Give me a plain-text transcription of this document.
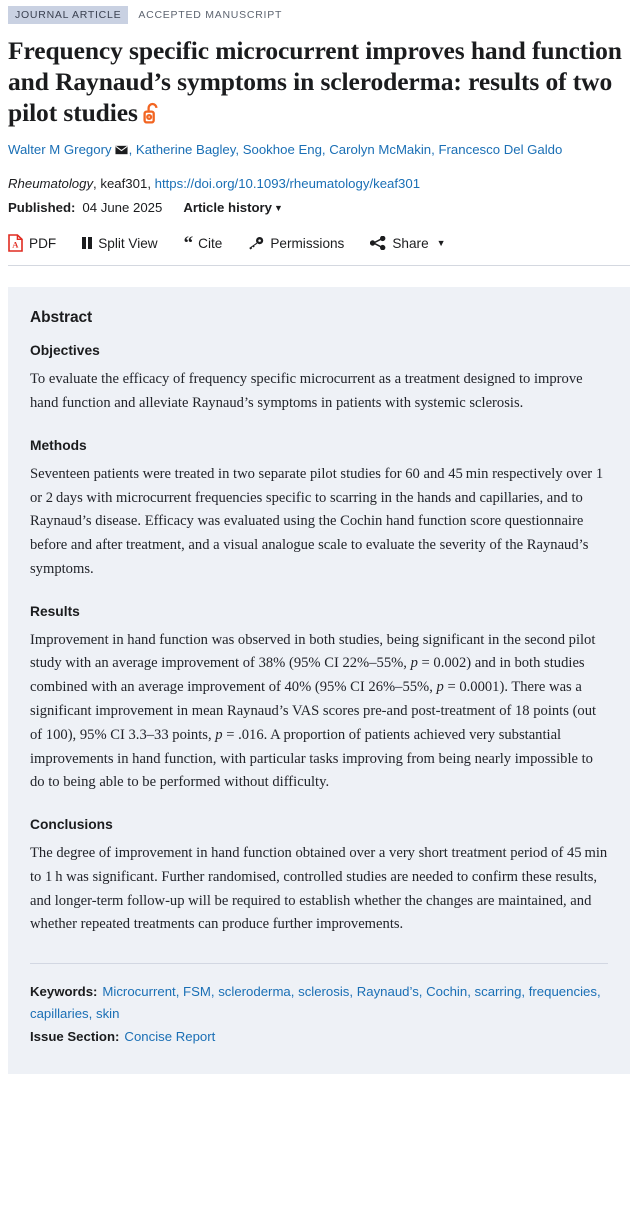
JOURNAL ARTICLE	ACCEPTED MANUSCRIPT
Frequency specific microcurrent improves hand function and Raynaud’s symptoms in scleroderma: results of two pilot studies
Walter M Gregory , Katherine Bagley, Sookhoe Eng, Carolyn McMakin, Francesco Del Galdo
Rheumatology, keaf301, https://doi.org/10.1093/rheumatology/keaf301
Published: 04 June 2025 Article history ▼
A PDF	Split View “ Cite	Permissions	Share ▼
Abstract
Objectives

To evaluate the efficacy of frequency specific microcurrent as a treatment designed to improve hand function and alleviate Raynaud’s symptoms in patients with systemic sclerosis.

Methods

Seventeen patients were treated in two separate pilot studies for 60 and 45 min respectively over 1 or 2 days with microcurrent frequencies specific to scarring in the hands and capillaries, and to Raynaud’s disease. Efficacy was evaluated using the Cochin hand function score questionnaire before and after treatment, and a visual analogue scale to evaluate the severity of the Raynaud’s symptoms.

Results

Improvement in hand function was observed in both studies, being significant in the second pilot study with an average improvement of 38% (95% CI 22%–55%, p = 0.002) and in both studies combined with an average improvement of 40% (95% CI 26%–55%, p = 0.0001). There was a significant improvement in mean Raynaud’s VAS scores pre-and post-treatment of 18 points (out of 100), 95% CI 3.3–33 points, p = .016. A proportion of patients achieved very substantial improvements in hand function, with particular tasks improving from being nearly impossible to do to being able to be performed without difficulty.

Conclusions

The degree of improvement in hand function obtained over a very short treatment period of 45 min to 1 h was significant. Further randomised, controlled studies are needed to confirm these results, and longer-term follow-up will be required to establish whether the changes are maintained, and whether repeated treatments can produce further improvements.

Keywords: Microcurrent, FSM, scleroderma, sclerosis, Raynaud’s, Cochin, scarring, frequencies, capillaries, skin
Issue Section: Concise Report
